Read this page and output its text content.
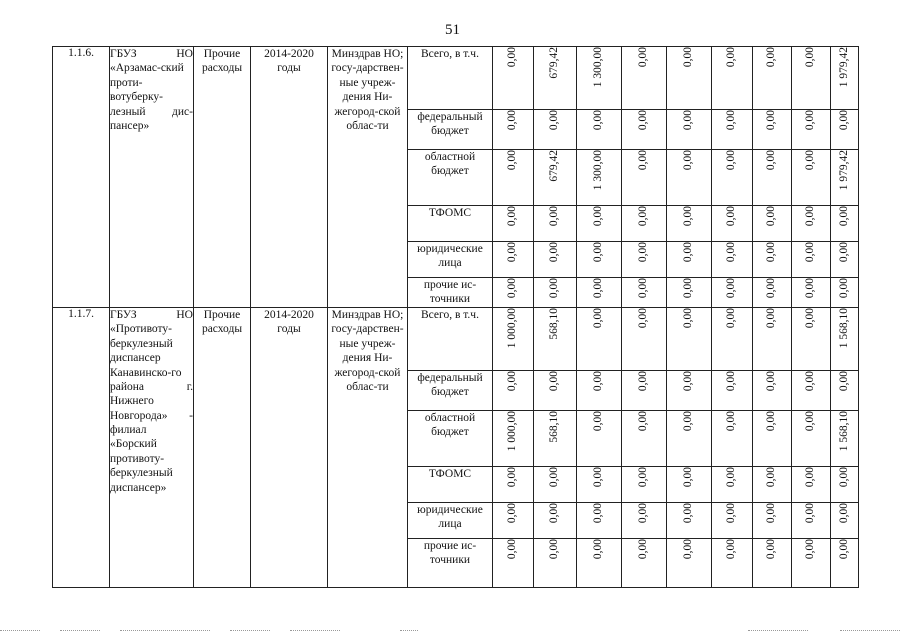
51
1.1.6.	ГБУЗ НО «Арзамас-ский проти-вотуберку-лезный дис-пансер»	Прочие расходы	2014-2020 годы	Минздрав НО; госу-дарствен-ные учреж-дения Ни-жегород-ской облас-ти	Всего, в т.ч.	0,00	679,42	1 300,00	0,00	0,00	0,00	0,00	0,00	1 979,42
					федеральный бюджет	0,00	0,00	0,00	0,00	0,00	0,00	0,00	0,00	0,00
					областной бюджет	0,00	679,42	1 300,00	0,00	0,00	0,00	0,00	0,00	1 979,42
					ТФОМС	0,00	0,00	0,00	0,00	0,00	0,00	0,00	0,00	0,00
					юридические лица	0,00	0,00	0,00	0,00	0,00	0,00	0,00	0,00	0,00
					прочие ис-точники	0,00	0,00	0,00	0,00	0,00	0,00	0,00	0,00	0,00
1.1.7.	ГБУЗ НО «Противоту-беркулезный диспансер Канавинско-го района г. Нижнего Новгорода» - филиал «Борский противоту-беркулезный диспансер»	Прочие расходы	2014-2020 годы	Минздрав НО; госу-дарствен-ные учреж-дения Ни-жегород-ской облас-ти	Всего, в т.ч.	1 000,00	568,10	0,00	0,00	0,00	0,00	0,00	0,00	1 568,10
					федеральный бюджет	0,00	0,00	0,00	0,00	0,00	0,00	0,00	0,00	0,00
					областной бюджет	1 000,00	568,10	0,00	0,00	0,00	0,00	0,00	0,00	1 568,10
					ТФОМС	0,00	0,00	0,00	0,00	0,00	0,00	0,00	0,00	0,00
					юридические лица	0,00	0,00	0,00	0,00	0,00	0,00	0,00	0,00	0,00
					прочие ис-точники	0,00	0,00	0,00	0,00	0,00	0,00	0,00	0,00	0,00
